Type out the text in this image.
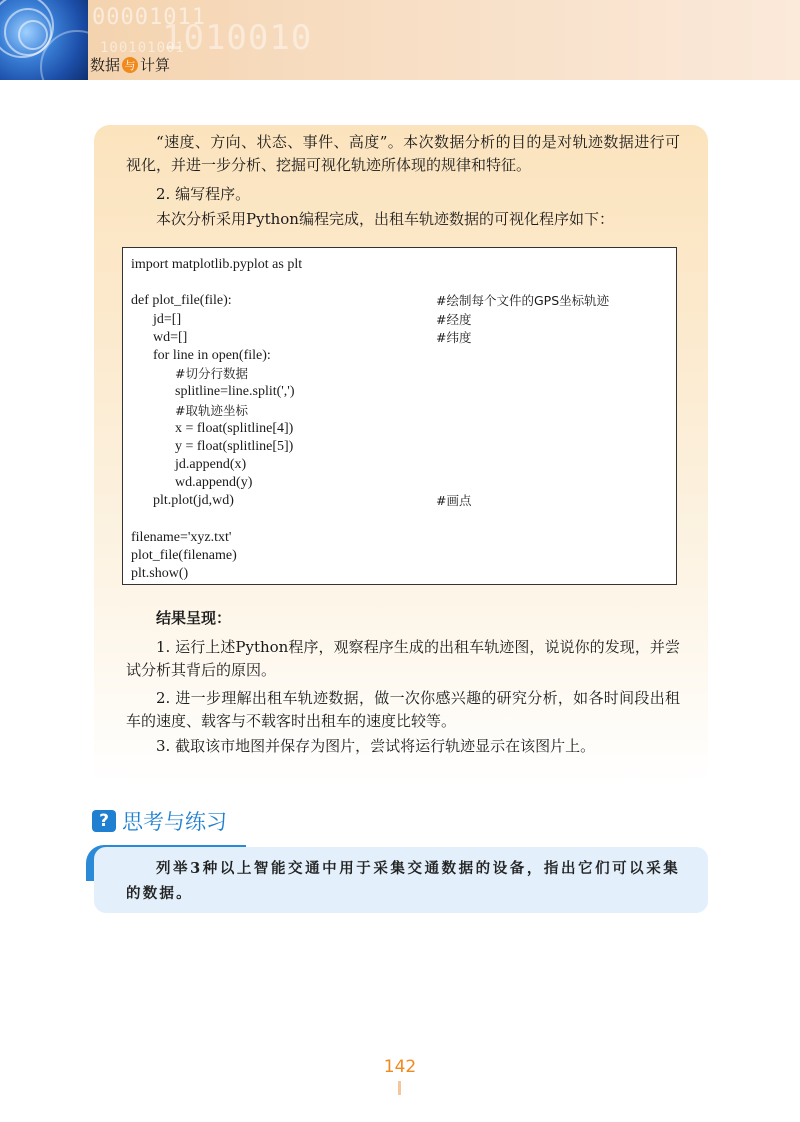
00001011
1010010
100101001
数据 与 计算
“速度、方向、状态、事件、高度”。本次数据分析的目的是对轨迹数据进行可视化，并进一步分析、挖掘可视化轨迹所体现的规律和特征。
2. 编写程序。
本次分析采用Python编程完成，出租车轨迹数据的可视化程序如下：
import matplotlib.pyplot as plt
def plot_file(file):	#绘制每个文件的GPS坐标轨迹
jd=[]	#经度
wd=[]	#纬度
for line in open(file):
#切分行数据
splitline=line.split(',')
#取轨迹坐标
x = float(splitline[4])
y = float(splitline[5])
jd.append(x)
wd.append(y)
plt.plot(jd,wd)	#画点
filename='xyz.txt'
plot_file(filename)
plt.show()
结果呈现：
1. 运行上述Python程序，观察程序生成的出租车轨迹图，说说你的发现，并尝试分析其背后的原因。
2. 进一步理解出租车轨迹数据，做一次你感兴趣的研究分析，如各时间段出租车的速度、载客与不载客时出租车的速度比较等。
3. 截取该市地图并保存为图片，尝试将运行轨迹显示在该图片上。
? 思考与练习
列举3种以上智能交通中用于采集交通数据的设备，指出它们可以采集的数据。
142
